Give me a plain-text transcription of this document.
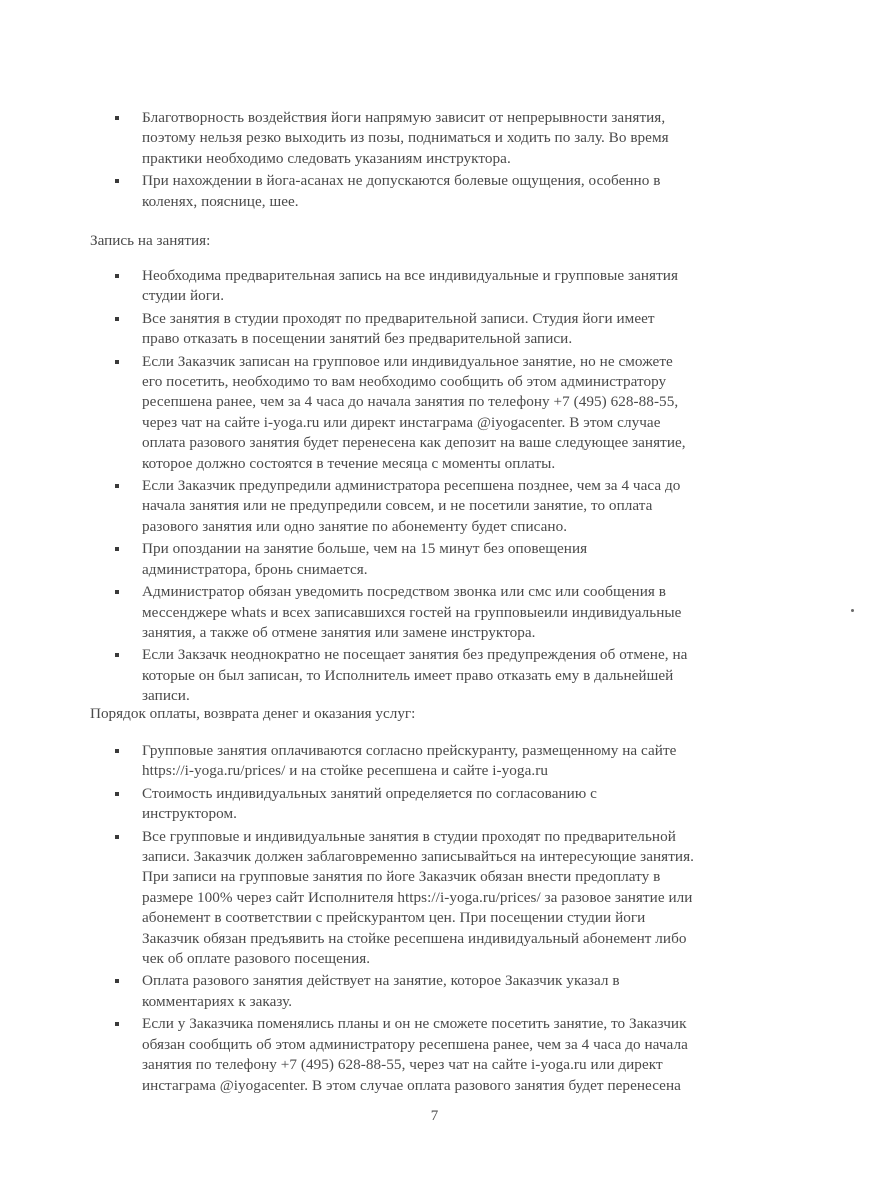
Благотворность воздействия йоги напрямую зависит от непрерывности занятия,
поэтому нельзя резко выходить из позы, подниматься и ходить по залу. Во время
практики необходимо следовать указаниям инструктора.
При нахождении в йога-асанах не допускаются болевые ощущения, особенно в
коленях, пояснице, шее.
Запись на занятия:
Необходима предварительная запись на все индивидуальные и групповые занятия
студии йоги.
Все занятия в студии проходят по предварительной записи. Студия йоги имеет
право отказать в посещении занятий без предварительной записи.
Если Заказчик записан на групповое или индивидуальное занятие, но не сможете
его посетить, необходимо то вам необходимо сообщить об этом администратору
ресепшена ранее, чем за 4 часа до начала занятия по телефону +7 (495) 628-88-55,
через чат на сайте i-yoga.ru или директ инстаграма @iyogacenter. В этом случае
оплата разового занятия будет перенесена как депозит на ваше следующее занятие,
которое должно состоятся в течение месяца с моменты оплаты.
Если Заказчик предупредили администратора ресепшена позднее, чем за 4 часа до
начала занятия или не предупредили совсем, и не посетили занятие, то оплата
разового занятия или одно занятие по абонементу будет списано.
При опоздании на занятие больше, чем на 15 минут без оповещения
администратора, бронь снимается.
Администратор обязан уведомить посредством звонка или смс или сообщения в
мессенджере whats и всех записавшихся гостей на групповыеили индивидуальные
занятия, а также об отмене занятия или замене инструктора.
Если Закзачк неоднократно не посещает занятия без предупреждения об отмене, на
которые он был записан, то Исполнитель имеет право отказать ему в дальнейшей
записи.
Порядок оплаты, возврата денег и оказания услуг:
Групповые занятия оплачиваются согласно прейскуранту, размещенному на сайте
https://i-yoga.ru/prices/ и на стойке ресепшена и сайте i-yoga.ru
Стоимость индивидуальных занятий определяется по согласованию с
инструктором.
Все групповые и индивидуальные занятия в студии проходят по предварительной
записи. Заказчик должен заблаговременно записывайться на интересующие занятия.
При записи на групповые занятия по йоге Заказчик обязан внести предоплату в
размере 100% через сайт Исполнителя https://i-yoga.ru/prices/ за разовое занятие или
абонемент в соответствии с прейскурантом цен. При посещении студии йоги
Заказчик обязан предъявить на стойке ресепшена индивидуальный абонемент либо
чек об оплате разового посещения.
Оплата разового занятия действует на занятие, которое Заказчик указал в
комментариях к заказу.
Если у Заказчика поменялись планы и он не сможете посетить занятие, то Заказчик
обязан сообщить об этом администратору ресепшена ранее, чем за 4 часа до начала
занятия по телефону +7 (495) 628-88-55, через чат на сайте i-yoga.ru или директ
инстаграма @iyogacenter. В этом случае оплата разового занятия будет перенесена
7
